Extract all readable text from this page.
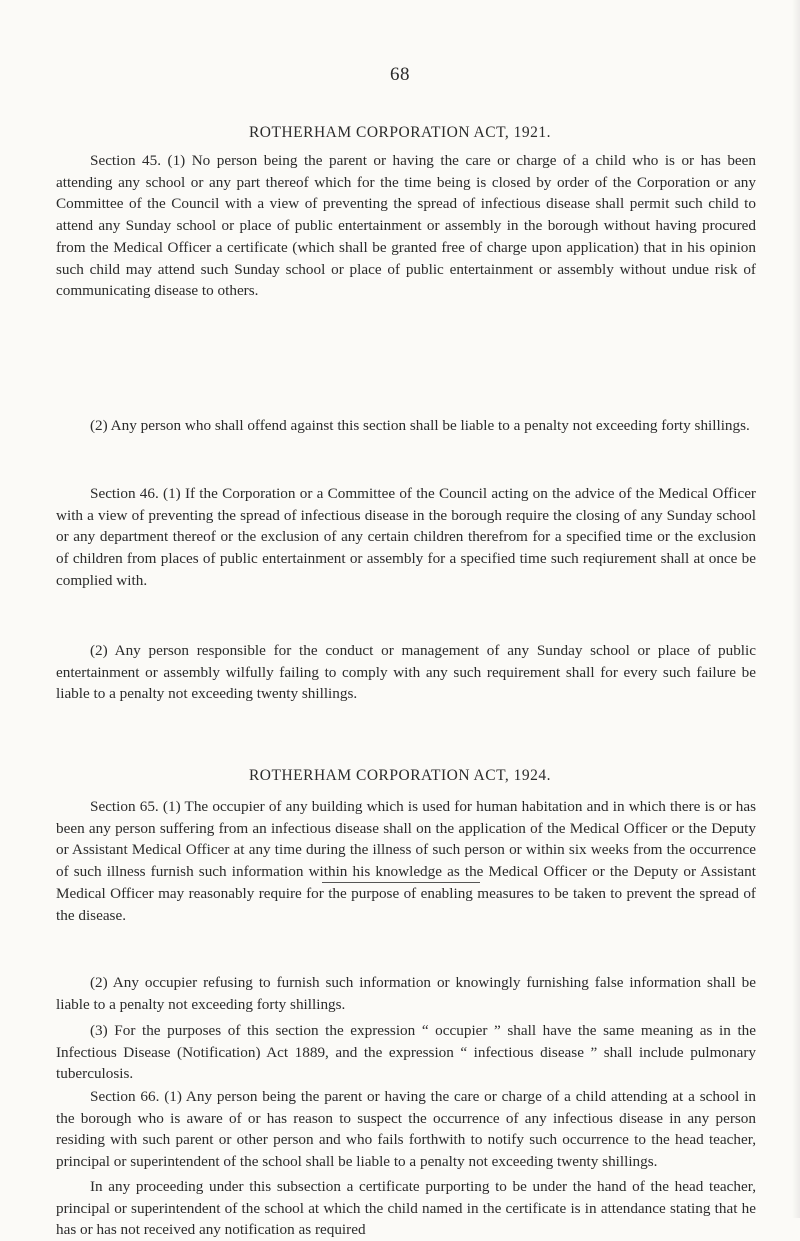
68
ROTHERHAM CORPORATION ACT, 1921.

Section 45. (1) No person being the parent or having the care or charge of a child who is or has been attending any school or any part thereof which for the time being is closed by order of the Corporation or any Committee of the Council with a view of preventing the spread of infectious disease shall permit such child to attend any Sunday school or place of public entertainment or assembly in the borough without having procured from the Medical Officer a certificate (which shall be granted free of charge upon application) that in his opinion such child may attend such Sunday school or place of public entertainment or assembly without undue risk of communicating disease to others.

(2) Any person who shall offend against this section shall be liable to a penalty not exceeding forty shillings.

Section 46. (1) If the Corporation or a Committee of the Council acting on the advice of the Medical Officer with a view of preventing the spread of infectious disease in the borough require the closing of any Sunday school or any department thereof or the exclusion of any certain children therefrom for a specified time or the exclusion of children from places of public entertainment or assembly for a specified time such reqiurement shall at once be complied with.

(2) Any person responsible for the conduct or management of any Sunday school or place of public entertainment or assembly wilfully failing to comply with any such requirement shall for every such failure be liable to a penalty not exceeding twenty shillings.

ROTHERHAM CORPORATION ACT, 1924.

Section 65. (1) The occupier of any building which is used for human habitation and in which there is or has been any person suffering from an infectious disease shall on the application of the Medical Officer or the Deputy or Assistant Medical Officer at any time during the illness of such person or within six weeks from the occurrence of such illness furnish such information within his knowledge as the Medical Officer or the Deputy or Assistant Medical Officer may reasonably require for the purpose of enabling measures to be taken to prevent the spread of the disease.

(2) Any occupier refusing to furnish such information or knowingly furnishing false information shall be liable to a penalty not exceeding forty shillings.

(3) For the purposes of this section the expression “ occupier ” shall have the same meaning as in the Infectious Disease (Notification) Act 1889, and the expression “ infectious disease ” shall include pulmonary tuberculosis.

Section 66. (1) Any person being the parent or having the care or charge of a child attending at a school in the borough who is aware of or has reason to suspect the occurrence of any infectious disease in any person residing with such parent or other person and who fails forthwith to notify such occurrence to the head teacher, principal or superintendent of the school shall be liable to a penalty not exceeding twenty shillings.

In any proceeding under this subsection a certificate purporting to be under the hand of the head teacher, principal or superintendent of the school at which the child named in the certificate is in attendance stating that he has or has not received any notification as required
